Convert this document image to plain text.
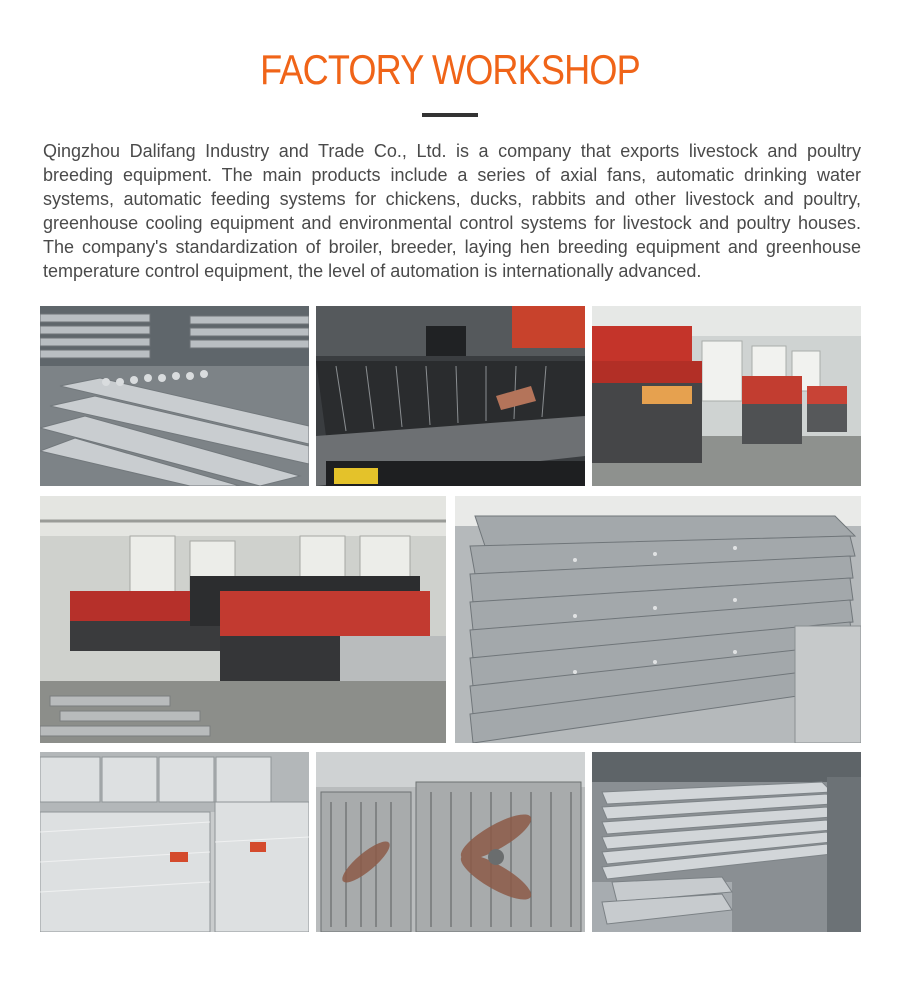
FACTORY WORKSHOP
Qingzhou Dalifang Industry and Trade Co., Ltd. is a company that exports livestock and poultry breeding equipment. The main products include a series of axial fans, automatic drinking water systems, automatic feeding systems for chickens, ducks, rabbits and other livestock and poultry, greenhouse cooling equipment and environmental control systems for livestock and poultry houses. The company's standardization of broiler, breeder, laying hen breeding equipment and greenhouse temperature control equipment, the level of automation is internationally advanced.
